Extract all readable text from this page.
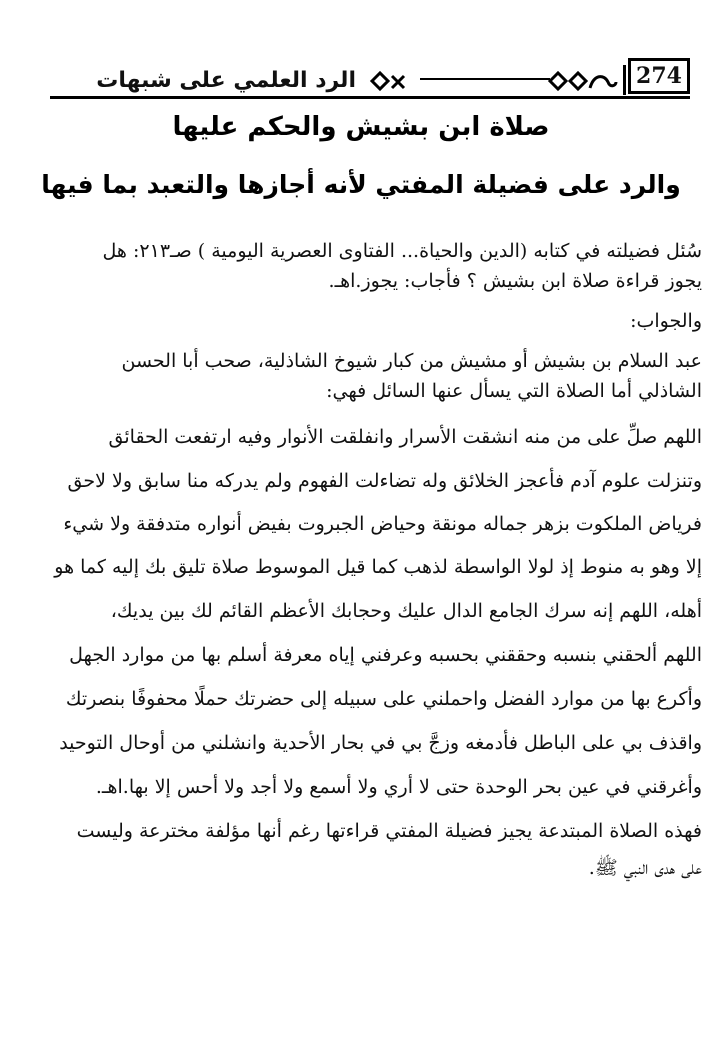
274
الرد العلمي على شبهات
صلاة ابن بشيش والحكم عليها
والرد على فضيلة المفتي لأنه أجازها والتعبد بما فيها
سُئل فضيلته في كتابه (الدين والحياة... الفتاوى العصرية اليومية ) صـ٢١٣: هل
يجوز قراءة صلاة ابن بشيش ؟ فأجاب: يجوز.اهـ.
والجواب:
عبد السلام بن بشيش أو مشيش من كبار شيوخ الشاذلية، صحب أبا الحسن
الشاذلي أما الصلاة التي يسأل عنها السائل فهي:
اللهم صلِّ على من منه انشقت الأسرار وانفلقت الأنوار وفيه ارتفعت الحقائق
وتنزلت علوم آدم فأعجز الخلائق وله تضاءلت الفهوم ولم يدركه منا سابق ولا لاحق
فرياض الملكوت بزهر جماله مونقة وحياض الجبروت بفيض أنواره متدفقة ولا شيء
إلا وهو به منوط إذ لولا الواسطة لذهب كما قيل الموسوط صلاة تليق بك إليه كما هو
أهله، اللهم إنه سرك الجامع الدال عليك وحجابك الأعظم القائم لك بين يديك،
اللهم ألحقني بنسبه وحققني بحسبه وعرفني إياه معرفة أسلم بها من موارد الجهل
وأكرع بها من موارد الفضل واحملني على سبيله إلى حضرتك حملًا محفوفًا بنصرتك
واقذف بي على الباطل فأدمغه وزجَّ بي في بحار الأحدية وانشلني من أوحال التوحيد
وأغرقني في عين بحر الوحدة حتى لا أري ولا أسمع ولا أجد ولا أحس إلا بها.اهـ.
فهذه الصلاة المبتدعة يجيز فضيلة المفتي قراءتها رغم أنها مؤلفة مخترعة وليست
على هدى النبي ﷺ.
